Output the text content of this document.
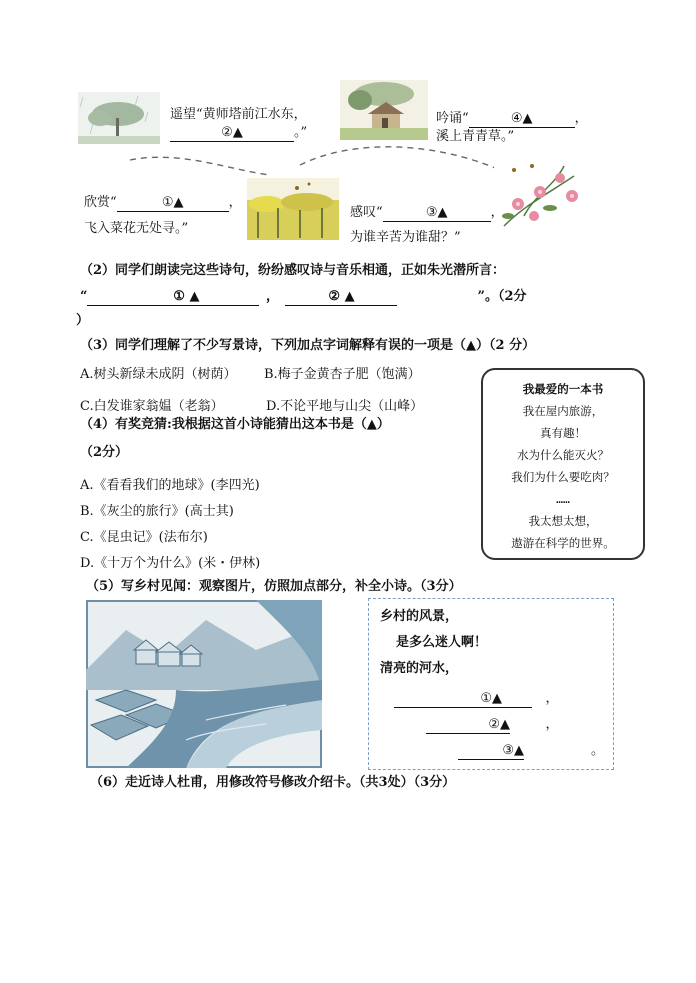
遥望“黄师塔前江水东，
②▲	。”
吟诵“	④▲	，
溪上青青草。”
欣赏“	①▲	，
飞入菜花无处寻。”
感叹“	③▲	，
为谁辛苦为谁甜？”
（2）同学们朗读完这些诗句，纷纷感叹诗与音乐相通，正如朱光潜所言：
“	① ▲	，	② ▲	”。（2分
）
（3）同学们理解了不少写景诗，下列加点字词解释有误的一项是（▲）（2 分）
A.树头新绿未成阴（树荫） B.梅子金黄杏子肥（饱满）
C.白发谁家翁媪（老翁）	D.不论平地与山尖（山峰）
（4）有奖竞猜:我根据这首小诗能猜出这本书是（▲）
（2分）
A.《看看我们的地球》(李四光)
B.《灰尘的旅行》(高士其)
C.《昆虫记》(法布尔)
D.《十万个为什么》(米・伊林)
我最爱的一本书
我在屋内旅游，
真有趣！
水为什么能灭火？
我们为什么要吃肉？
……
我太想太想，
遨游在科学的世界。
（5）写乡村见闻：观察图片，仿照加点部分，补全小诗。（3分）
乡村的风景，
是多么迷人啊！
清亮的河水，
①▲	，
②▲	，
③▲	。
（6）走近诗人杜甫，用修改符号修改介绍卡。（共3处）（3分）
